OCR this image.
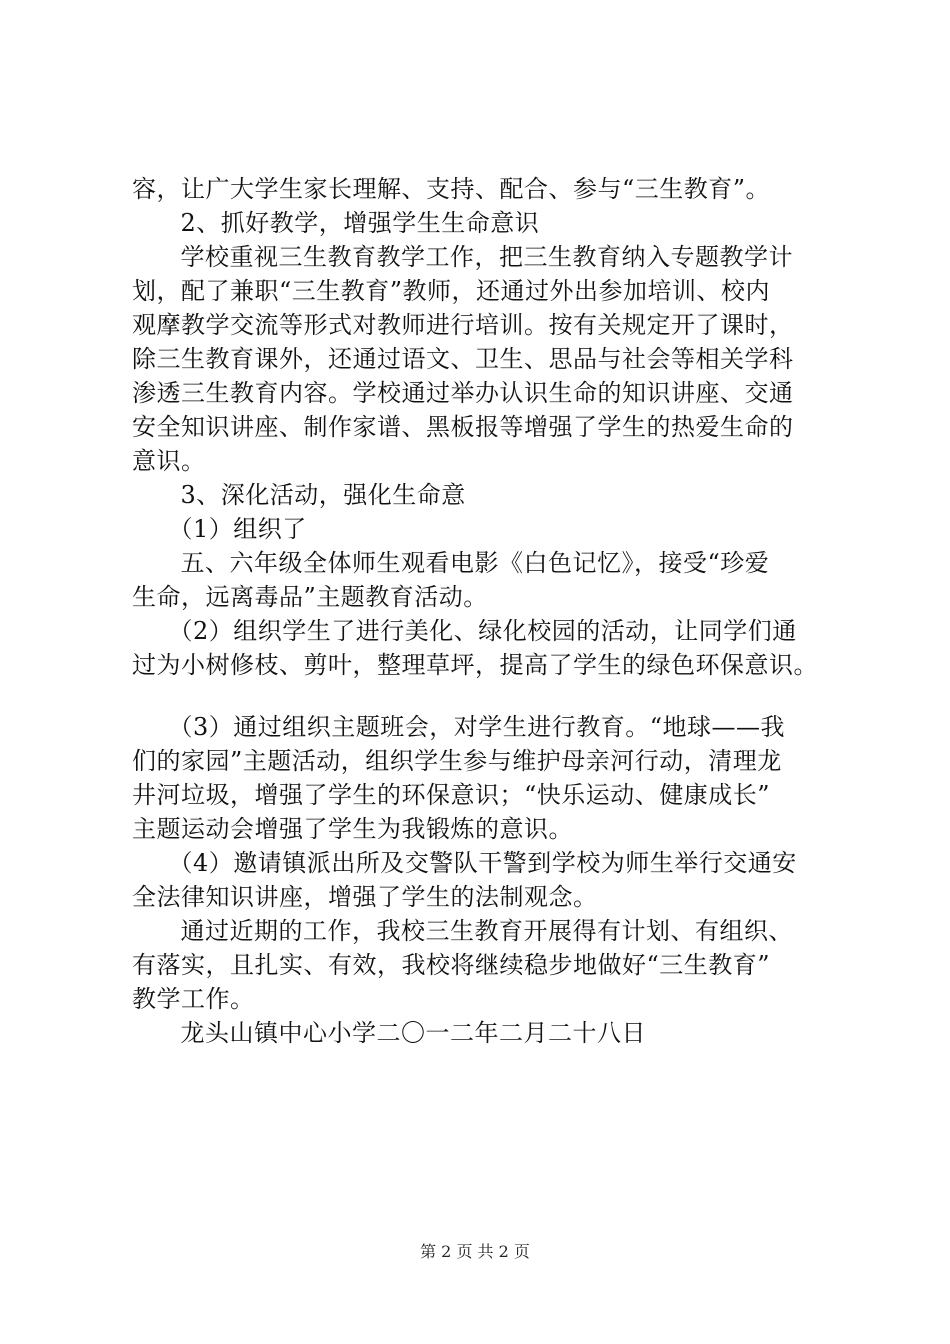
容，让广大学生家长理解、支持、配合、参与“三生教育”。
　2、抓好教学，增强学生生命意识
　学校重视三生教育教学工作，把三生教育纳入专题教学计
划，配了兼职“三生教育”教师，还通过外出参加培训、校内
观摩教学交流等形式对教师进行培训。按有关规定开了课时，
除三生教育课外，还通过语文、卫生、思品与社会等相关学科
渗透三生教育内容。学校通过举办认识生命的知识讲座、交通
安全知识讲座、制作家谱、黑板报等增强了学生的热爱生命的
意识。
　3、深化活动，强化生命意
　（1）组织了
　五、六年级全体师生观看电影《白色记忆》，接受“珍爱
生命，远离毒品”主题教育活动。
　（2）组织学生了进行美化、绿化校园的活动，让同学们通
过为小树修枝、剪叶，整理草坪，提高了学生的绿色环保意识。
　（3）通过组织主题班会，对学生进行教育。“地球——我
们的家园”主题活动，组织学生参与维护母亲河行动，清理龙
井河垃圾，增强了学生的环保意识；“快乐运动、健康成长”
主题运动会增强了学生为我锻炼的意识。
　（4）邀请镇派出所及交警队干警到学校为师生举行交通安
全法律知识讲座，增强了学生的法制观念。
　通过近期的工作，我校三生教育开展得有计划、有组织、
有落实，且扎实、有效，我校将继续稳步地做好“三生教育”
教学工作。
　龙头山镇中心小学二〇一二年二月二十八日
第 2 页 共 2 页
